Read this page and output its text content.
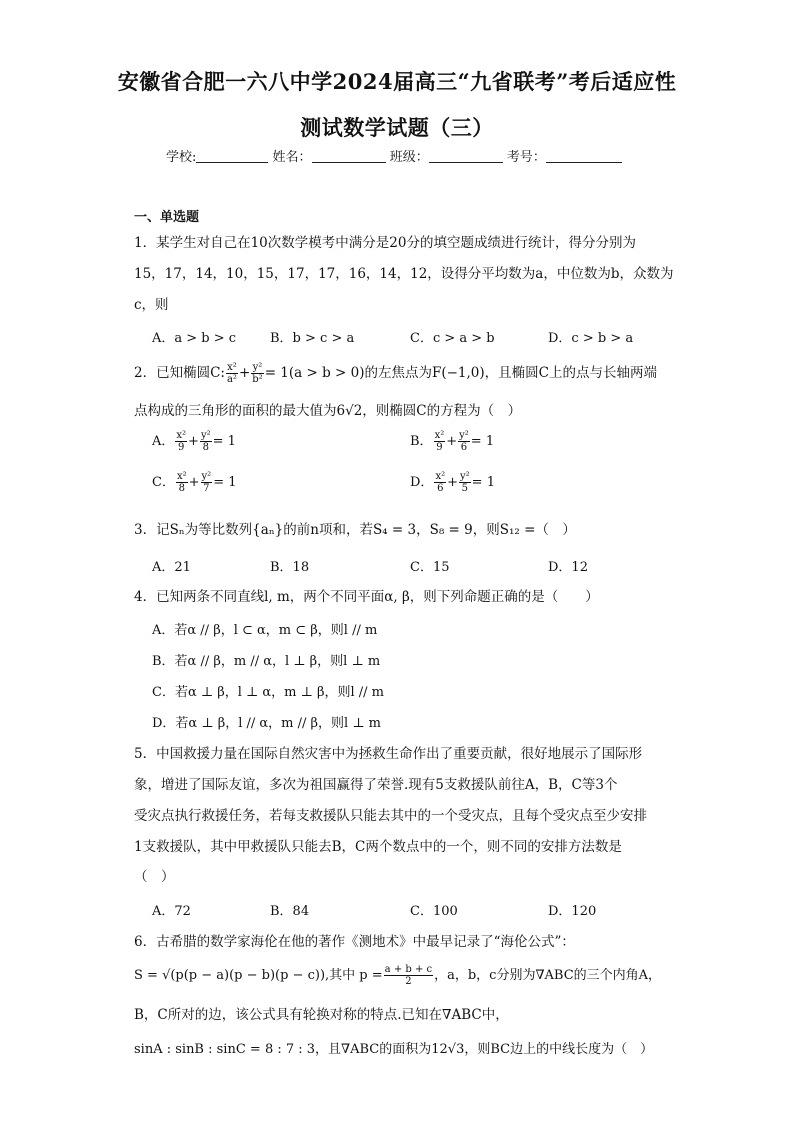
安徽省合肥一六八中学2024届高三“九省联考”考后适应性
测试数学试题（三）
学校:	姓名：	班级：	考号：
一、单选题
1．某学生对自己在10次数学模考中满分是20分的填空题成绩进行统计，得分分别为
15，17，14，10，15，17，17，16，14，12，设得分平均数为a，中位数为b，众数为
c，则
A．a > b > c	B．b > c > a	C．c > a > b	D．c > b > a
2．已知椭圆C: $\frac{\text{x²}}{\text{a²}} + \frac{\text{y²}}{\text{b²}} = 1(a > b > 0)$的左焦点为F(−1,0)，且椭圆C上的点与长轴两端
点构成的三角形的面积的最大值为6√2，则椭圆C的方程为（　）
A． $\frac{\text{x²}}{9} + \frac{\text{y²}}{8} = 1$	B． $\frac{\text{x²}}{9} + \frac{\text{y²}}{6} = 1$
C． $\frac{\text{x²}}{8} + \frac{\text{y²}}{7} = 1$	D． $\frac{\text{x²}}{6} + \frac{\text{y²}}{5} = 1$
3．记Sₙ为等比数列{aₙ}的前n项和，若S₄ = 3，S₈ = 9，则S₁₂ =（　）
A．21	B．18	C．15	D．12
4．已知两条不同直线l, m，两个不同平面α, β，则下列命题正确的是（　　）
A．若α // β，l ⊂ α，m ⊂ β，则l // m
B．若α // β，m // α，l ⊥ β，则l ⊥ m
C．若α ⊥ β，l ⊥ α，m ⊥ β，则l // m
D．若α ⊥ β，l // α，m // β，则l ⊥ m
5．中国救援力量在国际自然灾害中为拯救生命作出了重要贡献，很好地展示了国际形
象，增进了国际友谊，多次为祖国赢得了荣誉.现有5支救援队前往A，B，C等3个
受灾点执行救援任务，若每支救援队只能去其中的一个受灾点，且每个受灾点至少安排
1支救援队，其中甲救援队只能去B，C两个数点中的一个，则不同的安排方法数是
（　）
A．72	B．84	C．100	D．120
6．古希腊的数学家海伦在他的著作《测地术》中最早记录了“海伦公式”：
S = √(p(p − a)(p − b)(p − c)),其中 $p = \frac{a + b + c}{2}$ ，a，b，c分别为∇ABC的三个内角A，
B，C所对的边，该公式具有轮换对称的特点.已知在∇ABC中，
sinA : sinB : sinC = 8 : 7 : 3，且∇ABC的面积为12√3，则BC边上的中线长度为（　）
